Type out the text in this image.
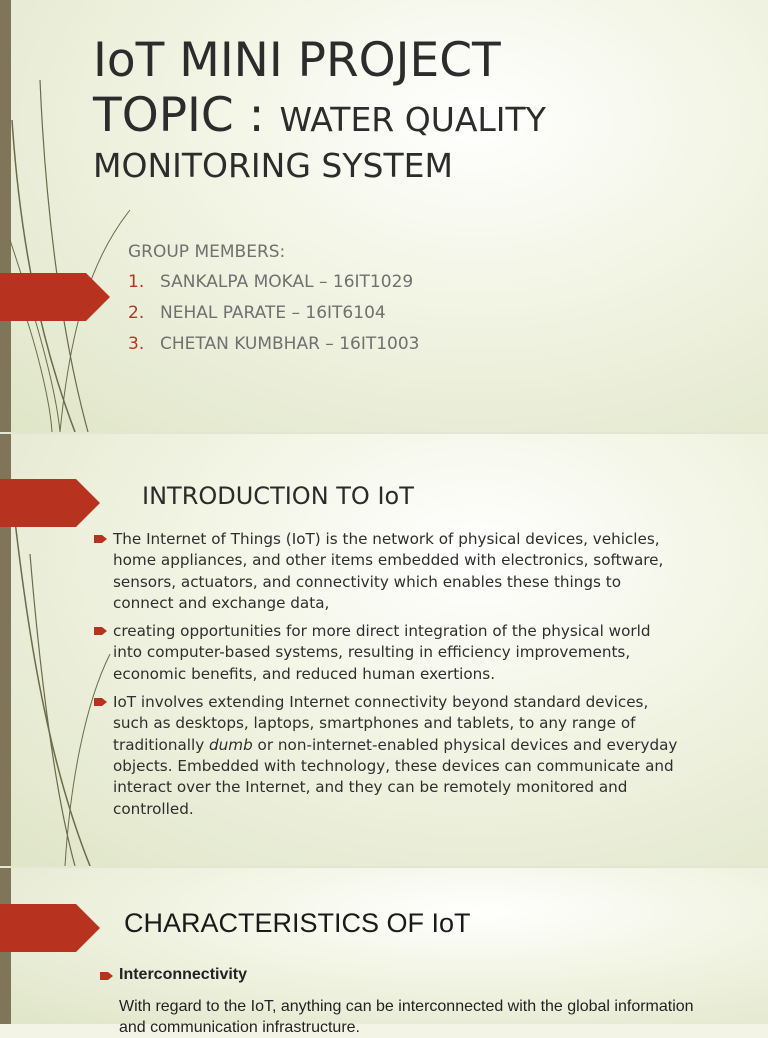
IoT MINI PROJECT
TOPIC : WATER QUALITY
MONITORING SYSTEM
GROUP MEMBERS:
1. SANKALPA MOKAL – 16IT1029
2. NEHAL PARATE – 16IT6104
3. CHETAN KUMBHAR – 16IT1003
INTRODUCTION TO IoT
The Internet of Things (IoT) is the network of physical devices, vehicles, home appliances, and other items embedded with electronics, software, sensors, actuators, and connectivity which enables these things to connect and exchange data,
creating opportunities for more direct integration of the physical world into computer-based systems, resulting in efficiency improvements, economic benefits, and reduced human exertions.
IoT involves extending Internet connectivity beyond standard devices, such as desktops, laptops, smartphones and tablets, to any range of traditionally dumb or non-internet-enabled physical devices and everyday objects. Embedded with technology, these devices can communicate and interact over the Internet, and they can be remotely monitored and controlled.
CHARACTERISTICS OF IoT
Interconnectivity
With regard to the IoT, anything can be interconnected with the global information and communication infrastructure.
